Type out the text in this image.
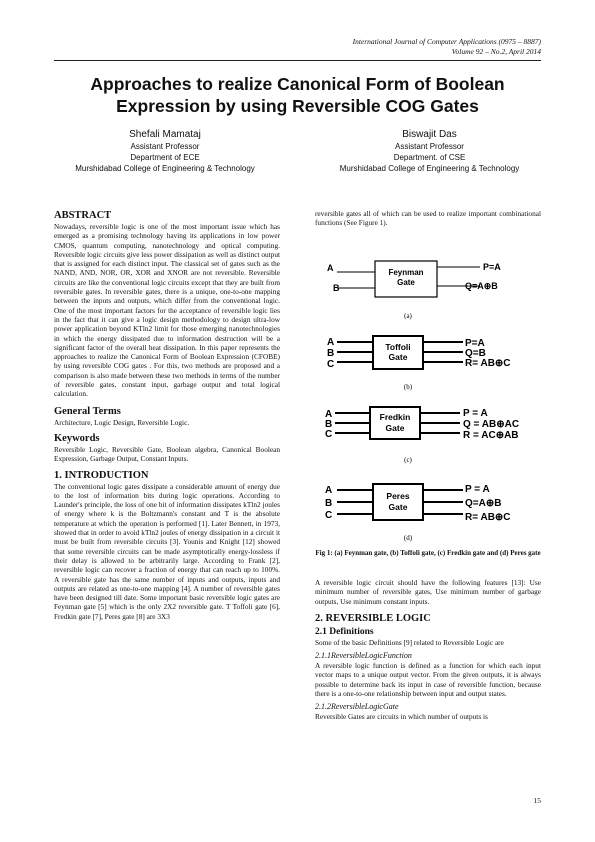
International Journal of Computer Applications (0975 – 8887)
Volume 92 – No.2, April 2014
Approaches to realize Canonical Form of Boolean
Expression by using Reversible COG Gates
Shefali Mamataj
Assistant Professor
Department of ECE
Murshidabad College of Engineering & Technology
Biswajit Das
Assistant Professor
Department. of CSE
Murshidabad College of Engineering & Technology
ABSTRACT

Nowadays, reversible logic is one of the most important issue which has emerged as a promising technology having its applications in low power CMOS, quantum computing, nanotechnology and optical computing. Reversible logic circuits give less power dissipation as well as distinct output that is assigned for each distinct input. The classical set of gates such as the NAND, AND, NOR, OR, XOR and XNOR are not reversible. Reversible circuits are like the conventional logic circuits except that they are built from reversible gates. In reversible gates, there is a unique, one-to-one mapping between the inputs and outputs, which differ from the conventional logic. One of the most important factors for the acceptance of reversible logic lies in the fact that it can give a logic design methodology to design ultra-low power application beyond KTln2 limit for those emerging nanotechnologies in which the energy dissipated due to information destruction will be a significant factor of the overall heat dissipation. In this paper represents the approaches to realize the Canonical Form of Boolean Expression (CFOBE) by using reversible COG gates . For this, two methods are proposed and a comparison is also made between these two methods in terms of the number of reversible gates, constant input, garbage output and total logical calculation.

General Terms

Architecture, Logic Design, Reversible Logic.

Keywords

Reversible Logic, Reversible Gate, Boolean algebra, Canonical Boolean Expression, Garbage Output, Constant Inputs.

1. INTRODUCTION

The conventional logic gates dissipate a considerable amount of energy due to the lost of information bits during logic operations. According to Launder's principle, the loss of one bit of information dissipates kTln2 joules of energy where k is the Boltzmann's constant and T is the absolute temperature at which the operation is performed [1]. Later Bennett, in 1973, showed that in order to avoid kTln2 joules of energy dissipation in a circuit it must be built from reversible circuits [3]. Younis and Knight [12] showed that some reversible circuits can be made asymptotically energy-lossless if their delay is allowed to be arbitrarily large. According to Frank [2], reversible logic can recover a fraction of energy that can reach up to 100%. A reversible gate has the same number of inputs and outputs, inputs and outputs are related as one-to-one mapping [4]. A number of reversible gates have been designed till date. Some important basic reversible logic gates are Feynman gate [5] which is the only 2X2 reversible gate. T Toffoli gate [6], Fredkin gate [7], Peres gate [8] are 3X3

reversible gates all of which can be used to realize important combinational functions (See Figure 1).

Feynman
Gate
A
B
P=A
Q=A⊕B
(a)
Toffoli
Gate
A
B
C
P=A
Q=B
R= AB⊕C
(b)
Fredkin
Gate
A
B
C
P = A
Q = AB⊕AC
R = AC⊕AB
(c)
Peres
Gate
A
B
C
P = A
Q=A⊕B
R= AB⊕C
(d)
Fig 1: (a) Feynman gate, (b) Toffoli gate, (c) Fredkin gate and (d) Peres gate

A reversible logic circuit should have the following features [13]: Use minimum number of reversible gates, Use minimum number of garbage outputs, Use minimum constant inputs.

2. REVERSIBLE LOGIC
2.1 Definitions

Some of the basic Definitions [9] related to Reversible Logic are

2.1.1ReversibleLogicFunction

A reversible logic function is defined as a function for which each input vector maps to a unique output vector. From the given outputs, it is always possible to determine back its input in case of reversible function, because there is a one-to-one relationship between input and output states.

2.1.2ReversibleLogicGate

Reversible Gates are circuits in which number of outputs is

15
